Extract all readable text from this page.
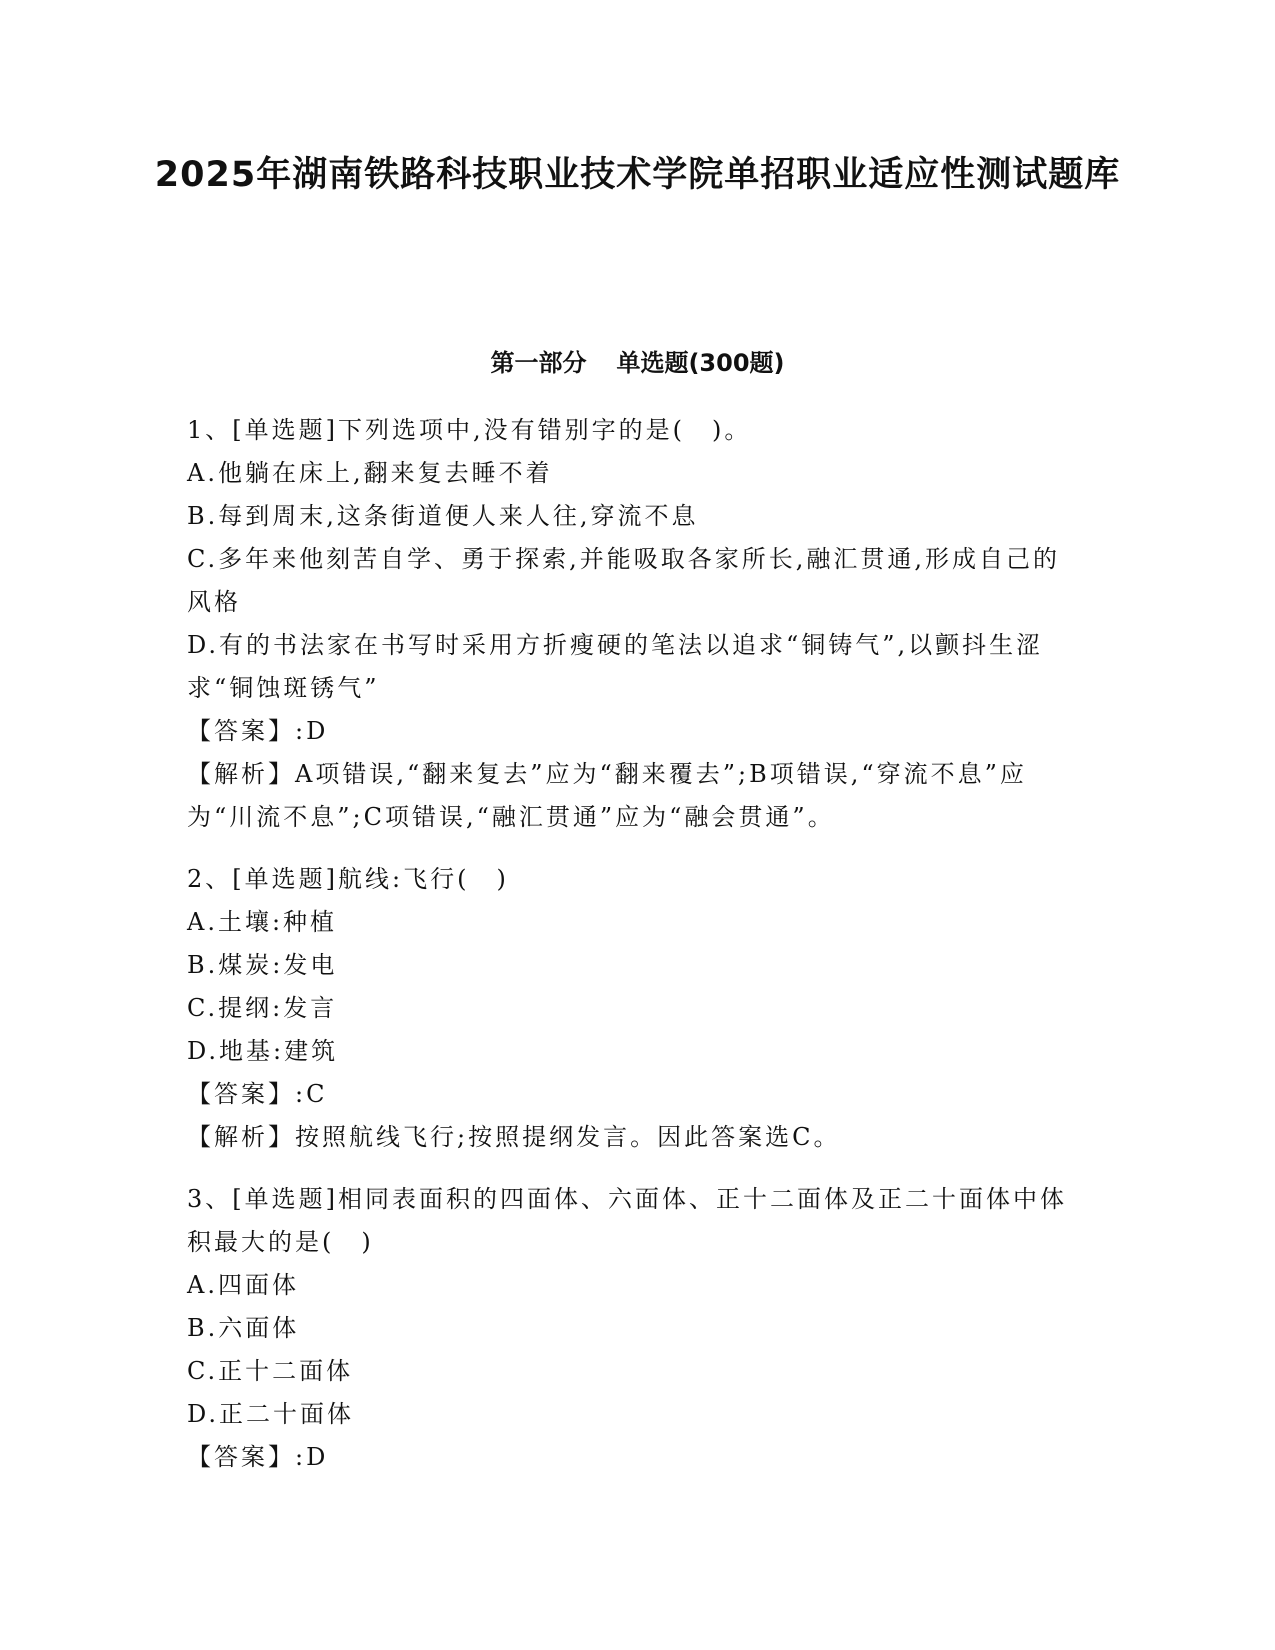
2025年湖南铁路科技职业技术学院单招职业适应性测试题库
第一部分 单选题(300题)

1、[单选题]下列选项中,没有错别字的是(　)。

A.他躺在床上,翻来复去睡不着

B.每到周末,这条街道便人来人往,穿流不息

C.多年来他刻苦自学、勇于探索,并能吸取各家所长,融汇贯通,形成自己的风格

D.有的书法家在书写时采用方折瘦硬的笔法以追求“铜铸气”,以颤抖生涩求“铜蚀斑锈气”

【答案】:D

【解析】A项错误,“翻来复去”应为“翻来覆去”;B项错误,“穿流不息”应为“川流不息”;C项错误,“融汇贯通”应为“融会贯通”。

2、[单选题]航线:飞行(　)

A.土壤:种植

B.煤炭:发电

C.提纲:发言

D.地基:建筑

【答案】:C

【解析】按照航线飞行;按照提纲发言。因此答案选C。

3、[单选题]相同表面积的四面体、六面体、正十二面体及正二十面体中体积最大的是(　)

A.四面体

B.六面体

C.正十二面体

D.正二十面体

【答案】:D
